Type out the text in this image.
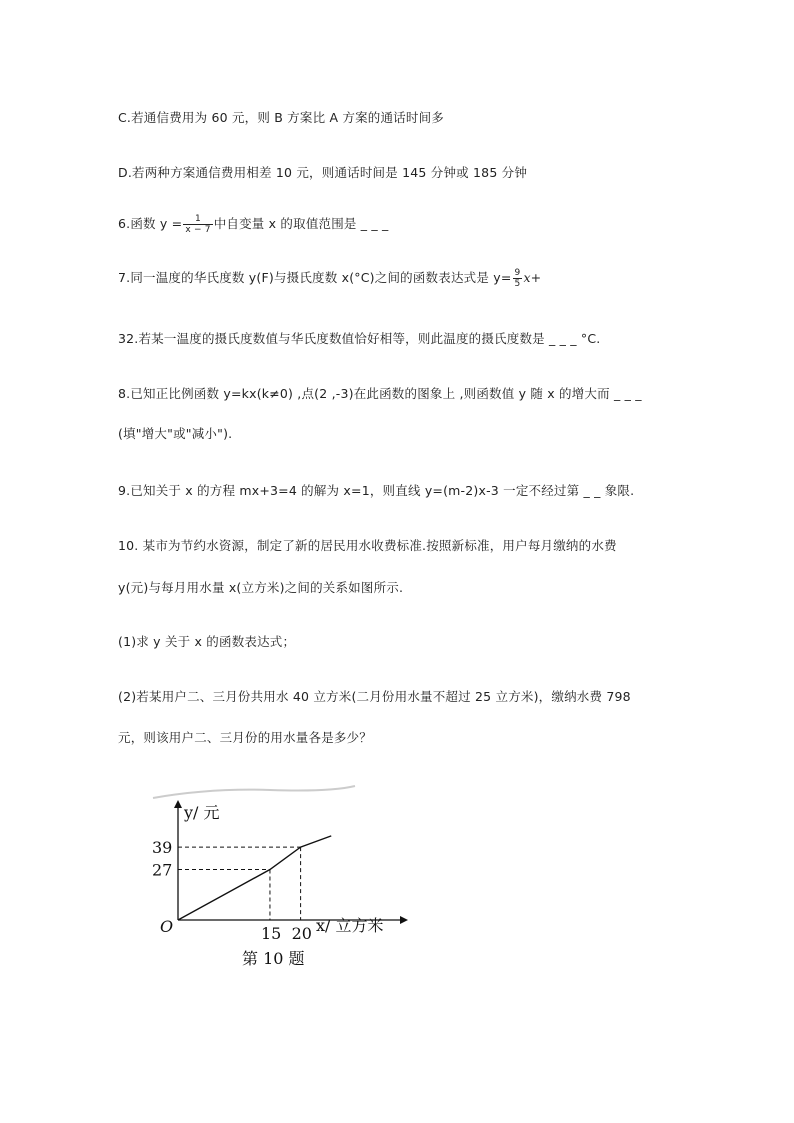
C.若通信费用为 60 元，则 B 方案比 A 方案的通话时间多
D.若两种方案通信费用相差 10 元，则通话时间是 145 分钟或 185 分钟
6.函数 $y = \frac{1}{x - 7}$ 中自变量 x 的取值范围是 _ _ _
7.同一温度的华氏度数 y(F)与摄氏度数 x(°C)之间的函数表达式是 $y= \frac{9}{5} x+$
32.若某一温度的摄氏度数值与华氏度数值恰好相等，则此温度的摄氏度数是 _ _ _ °C.
8.已知正比例函数 y=kx(k≠0) ,点(2 ,-3)在此函数的图象上 ,则函数值 y 随 x 的增大而 _ _ _
(填"增大"或"减小").
9.已知关于 x 的方程 mx+3=4 的解为 x=1，则直线 y=(m-2)x-3 一定不经过第 _ _ 象限.
10. 某市为节约水资源，制定了新的居民用水收费标准.按照新标准，用户每月缴纳的水费
y(元)与每月用水量 x(立方米)之间的关系如图所示.
(1)求 y 关于 x 的函数表达式；
(2)若某用户二、三月份共用水 40 立方米(二月份用水量不超过 25 立方米)，缴纳水费 798
元，则该用户二、三月份的用水量各是多少？
O
y/ 元
x/ 立方米
15 20
27
39
第 10 题
